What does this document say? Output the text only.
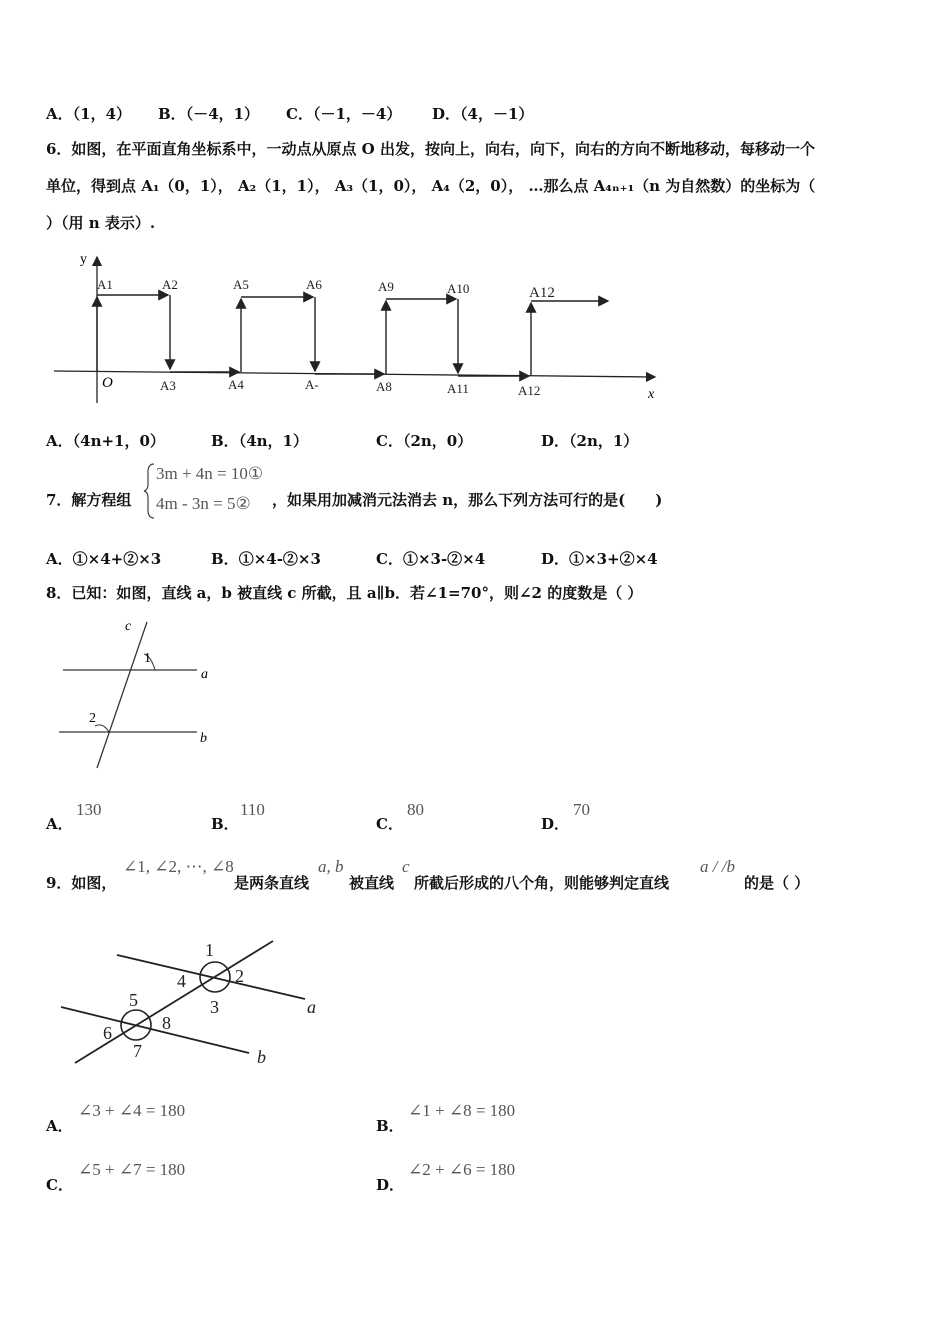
A．（1，4） B．（－4，1） C．（－1，－4） D．（4，－1）
6．如图，在平面直角坐标系中，一动点从原点 O 出发，按向上，向右，向下，向右的方向不断地移动，每移动一个
单位，得到点 A₁（0，1）， A₂（1，1）， A₃（1，0）， A₄（2，0）， …那么点 A₄ₙ₊₁（n 为自然数）的坐标为（
）（用 n 表示）.
y
x
O
A1	A2	A5	A6	A9	A10	A12
A3	A4	A-	A8	A11	A12
A．（4n+1，0）	B．（4n，1）	C．（2n，0）	D．（2n，1）
7．解方程组
3m + 4n = 10①
4m - 3n = 5② ，如果用加减消元法消去 n，那么下列方法可行的是(　　)
A．①×4+②×3	B．①×4-②×3	C．①×3-②×4	D．①×3+②×4
8．已知：如图，直线 a，b 被直线 c 所截，且 a∥b．若∠1=70°，则∠2 的度数是（ ）
c
1
a
2
b
A．
130
B．
110
C．
80
D．
70
9．如图，
∠1, ∠2, ⋯, ∠8
是两条直线
a, b
被直线
c
所截后形成的八个角，则能够判定直线
a / /b
的是（ ）
1
2
3
4
5
6
7
8
a
b
A．
∠3 + ∠4 = 180
B．
∠1 + ∠8 = 180
C．
∠5 + ∠7 = 180
D．
∠2 + ∠6 = 180
